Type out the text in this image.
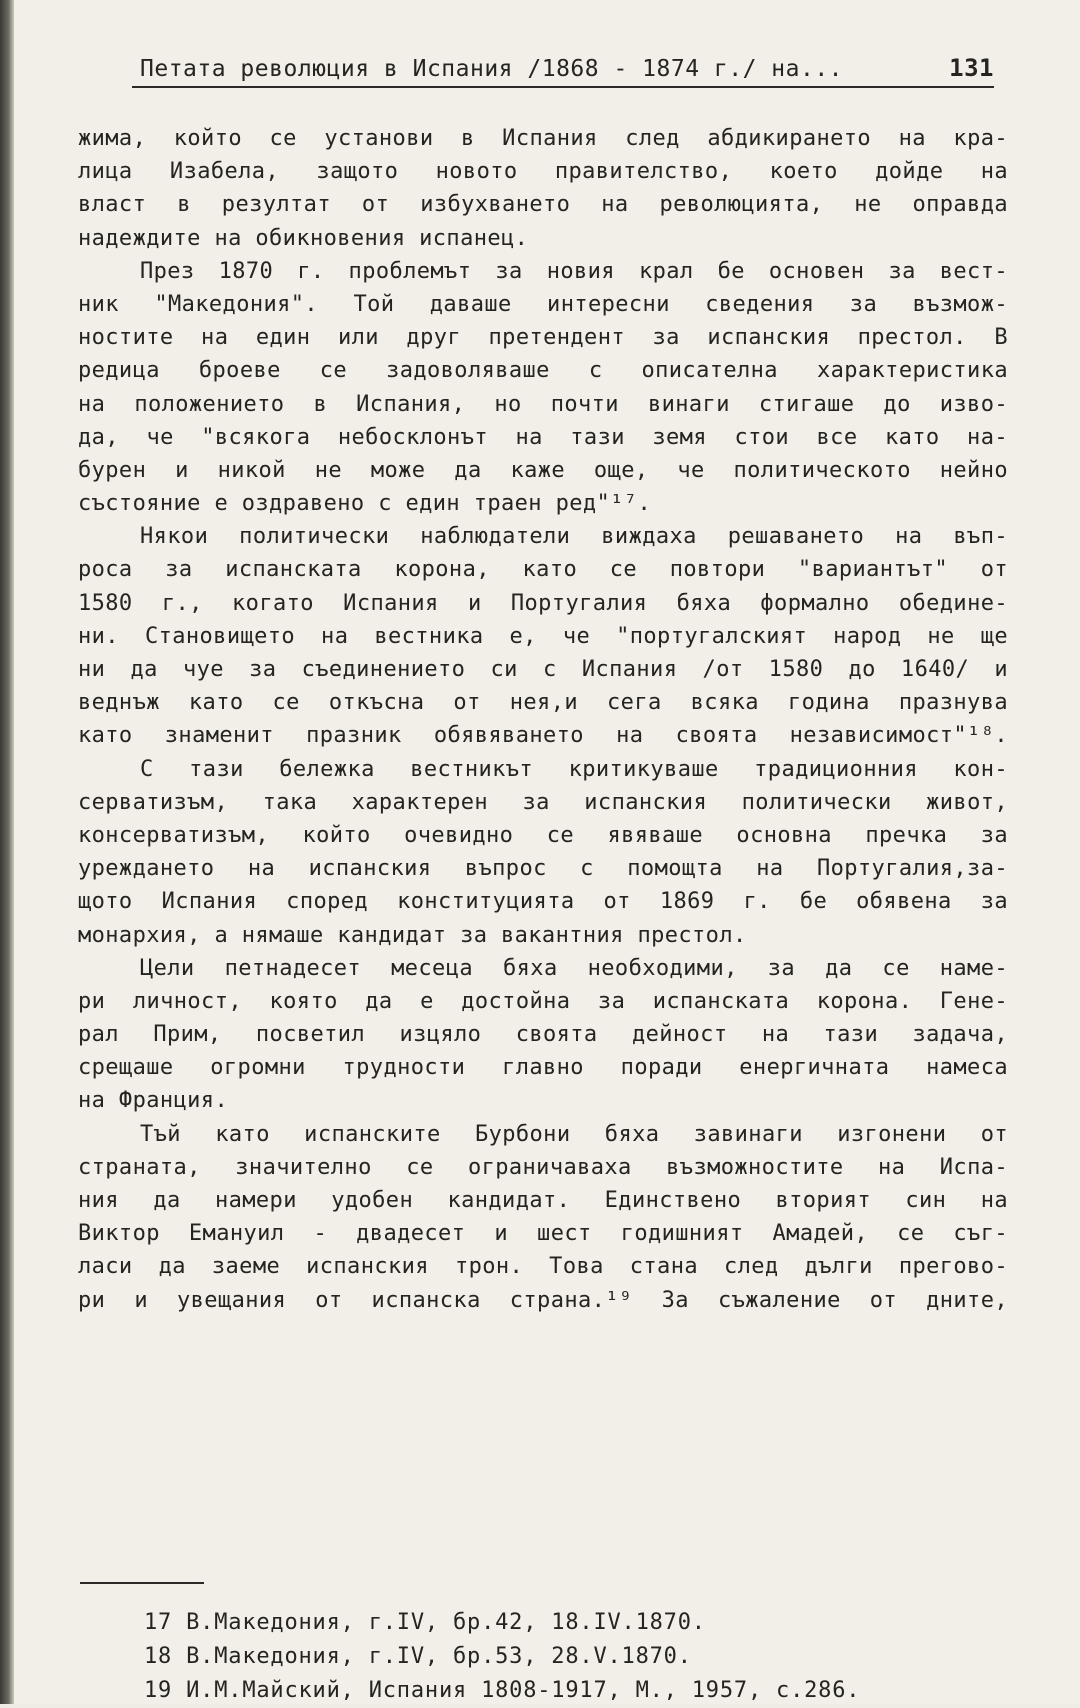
Петата революция в Испания /1868 - 1874 г./ на...	131
жима, който се установи в Испания след абдикирането на кра-
лица Изабела, защото новото правителство, което дойде на
власт в резултат от избухването на революцията, не оправда
надеждите на обикновения испанец.
През 1870 г. проблемът за новия крал бе основен за вест-
ник "Македония". Той даваше интересни сведения за възмож-
ностите на един или друг претендент за испанския престол. В
редица броеве се задоволяваше с описателна характеристика
на положението в Испания, но почти винаги стигаше до изво-
да, че "всякога небосклонът на тази земя стои все като на-
бурен и никой не може да каже още, че политическото нейно
състояние е оздравено с един траен ред"¹⁷.
Някои политически наблюдатели виждаха решаването на въп-
роса за испанската корона, като се повтори "вариантът" от
1580 г., когато Испания и Португалия бяха формално обедине-
ни. Становището на вестника е, че "португалският народ не ще
ни да чуе за съединението си с Испания /от 1580 до 1640/ и
веднъж като се откъсна от нея,и сега всяка година празнува
като знаменит празник обявяването на своята независимост"¹⁸.
С тази бележка вестникът критикуваше традиционния кон-
серватизъм, така характерен за испанския политически живот,
консерватизъм, който очевидно се явяваше основна пречка за
уреждането на испанския въпрос с помощта на Португалия,за-
щото Испания според конституцията от 1869 г. бе обявена за
монархия, а нямаше кандидат за вакантния престол.
Цели петнадесет месеца бяха необходими, за да се наме-
ри личност, която да е достойна за испанската корона. Гене-
рал Прим, посветил изцяло своята дейност на тази задача,
срещаше огромни трудности главно поради енергичната намеса
на Франция.
Тъй като испанските Бурбони бяха завинаги изгонени от
страната, значително се ограничаваха възможностите на Испа-
ния да намери удобен кандидат. Единствено вторият син на
Виктор Емануил - двадесет и шест годишният Амадей, се съг-
ласи да заеме испанския трон. Това стана след дълги прегово-
ри и увещания от испанска страна.¹⁹ За съжаление от дните,
17 В.Македония, г.IV, бр.42, 18.IV.1870.
18 В.Македония, г.IV, бр.53, 28.V.1870.
19 И.М.Майский, Испания 1808-1917, М., 1957, с.286.
